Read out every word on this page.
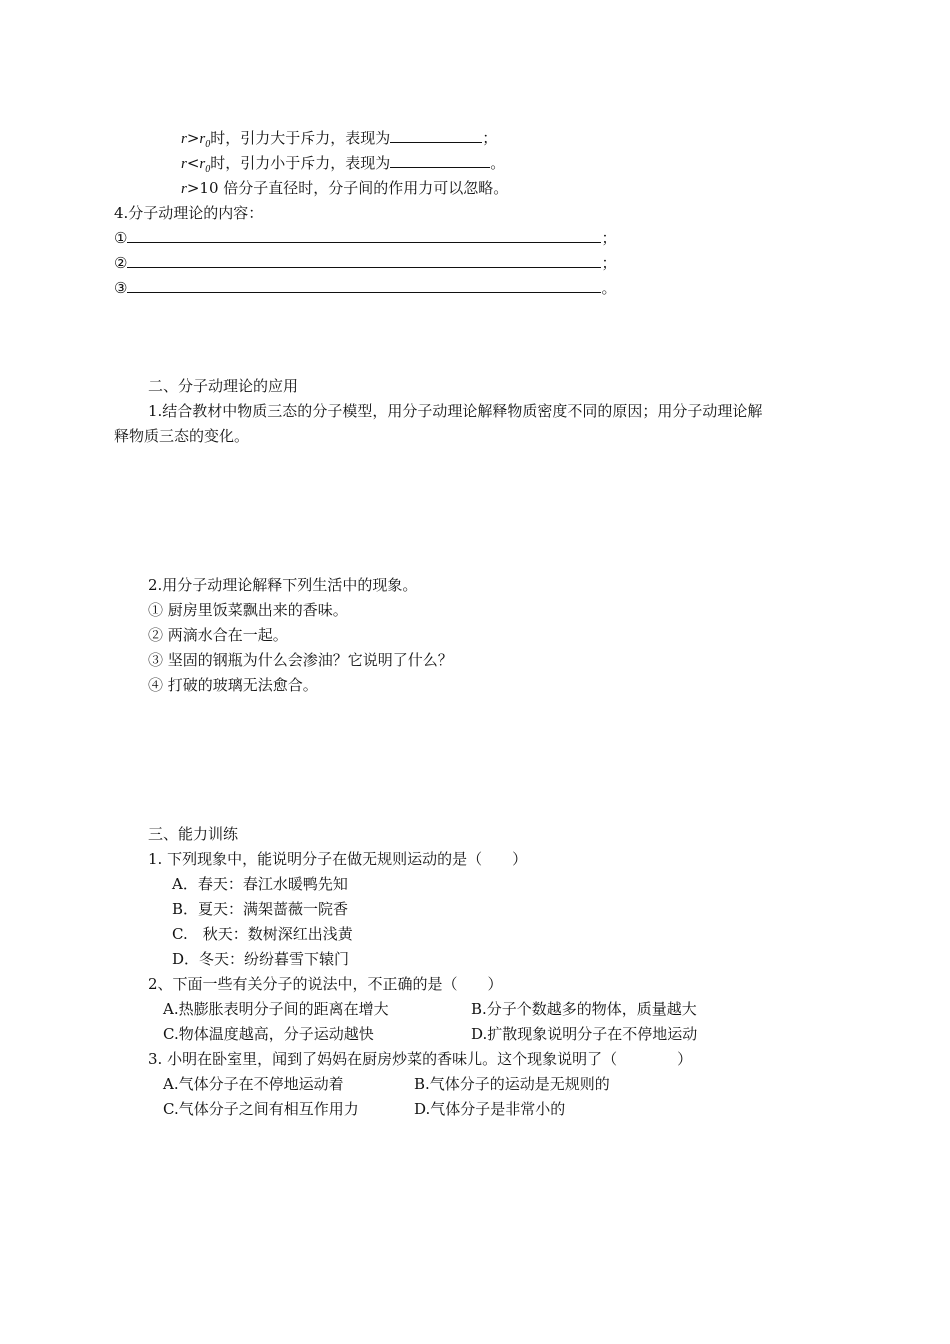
$r>r_0$时，引力大于斥力，表现为	；
$r<r_0$时，引力小于斥力，表现为	。
r>10 倍分子直径时，分子间的作用力可以忽略。
4.分子动理论的内容：
①	；
②	；
③	。
二、分子动理论的应用
1.结合教材中物质三态的分子模型，用分子动理论解释物质密度不同的原因；用分子动理论解
释物质三态的变化。
2.用分子动理论解释下列生活中的现象。
① 厨房里饭菜飘出来的香味。
② 两滴水合在一起。
③ 坚固的钢瓶为什么会渗油？它说明了什么？
④ 打破的玻璃无法愈合。
三、能力训练
1. 下列现象中，能说明分子在做无规则运动的是（　　）
A．春天：春江水暖鸭先知
B．夏天：满架蔷薇一院香
C.　秋天：数树深红出浅黄
D．冬天：纷纷暮雪下辕门
2、下面一些有关分子的说法中，不正确的是（　　）
A.热膨胀表明分子间的距离在增大	B.分子个数越多的物体，质量越大
C.物体温度越高，分子运动越快	D.扩散现象说明分子在不停地运动
3. 小明在卧室里，闻到了妈妈在厨房炒菜的香味儿。这个现象说明了（　　　　）
A.气体分子在不停地运动着	B.气体分子的运动是无规则的
C.气体分子之间有相互作用力	D.气体分子是非常小的
